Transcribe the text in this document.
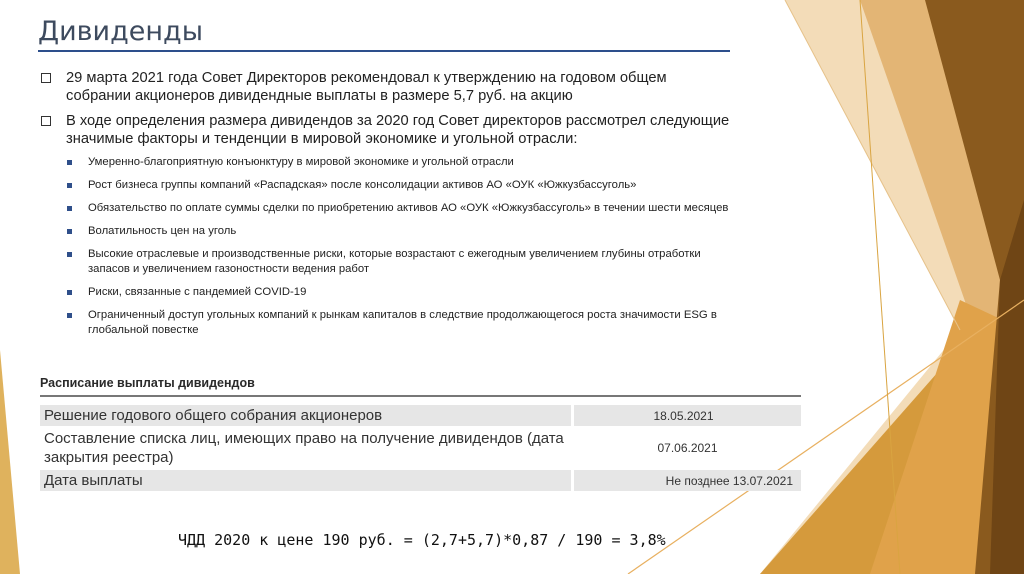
Дивиденды
29 марта 2021 года Совет Директоров рекомендовал к утверждению на годовом общем собрании акционеров дивидендные выплаты в размере 5,7 руб. на акцию
В ходе определения размера дивидендов за 2020 год Совет директоров рассмотрел следующие значимые факторы и тенденции в мировой экономике и угольной отрасли:
Умеренно-благоприятную конъюнктуру в мировой экономике и угольной отрасли
Рост бизнеса группы компаний «Распадская» после консолидации активов АО «ОУК «Южкузбассуголь»
Обязательство по оплате суммы сделки по приобретению активов АО «ОУК «Южкузбассуголь» в течении шести месяцев
Волатильность цен на уголь
Высокие отраслевые и производственные риски, которые возрастают с ежегодным увеличением глубины отработки запасов и увеличением газоностности ведения работ
Риски, связанные с пандемией COVID-19
Ограниченный доступ угольных компаний к рынкам капиталов в следствие продолжающегося роста значимости ESG в глобальной повестке
Расписание выплаты дивидендов
Решение годового общего собрания акционеров	18.05.2021
Составление списка лиц, имеющих право на получение дивидендов (дата закрытия реестра)
07.06.2021
Дата выплаты	Не позднее 13.07.2021
ЧДД 2020 к цене 190 руб. = (2,7+5,7)*0,87 / 190 = 3,8%
